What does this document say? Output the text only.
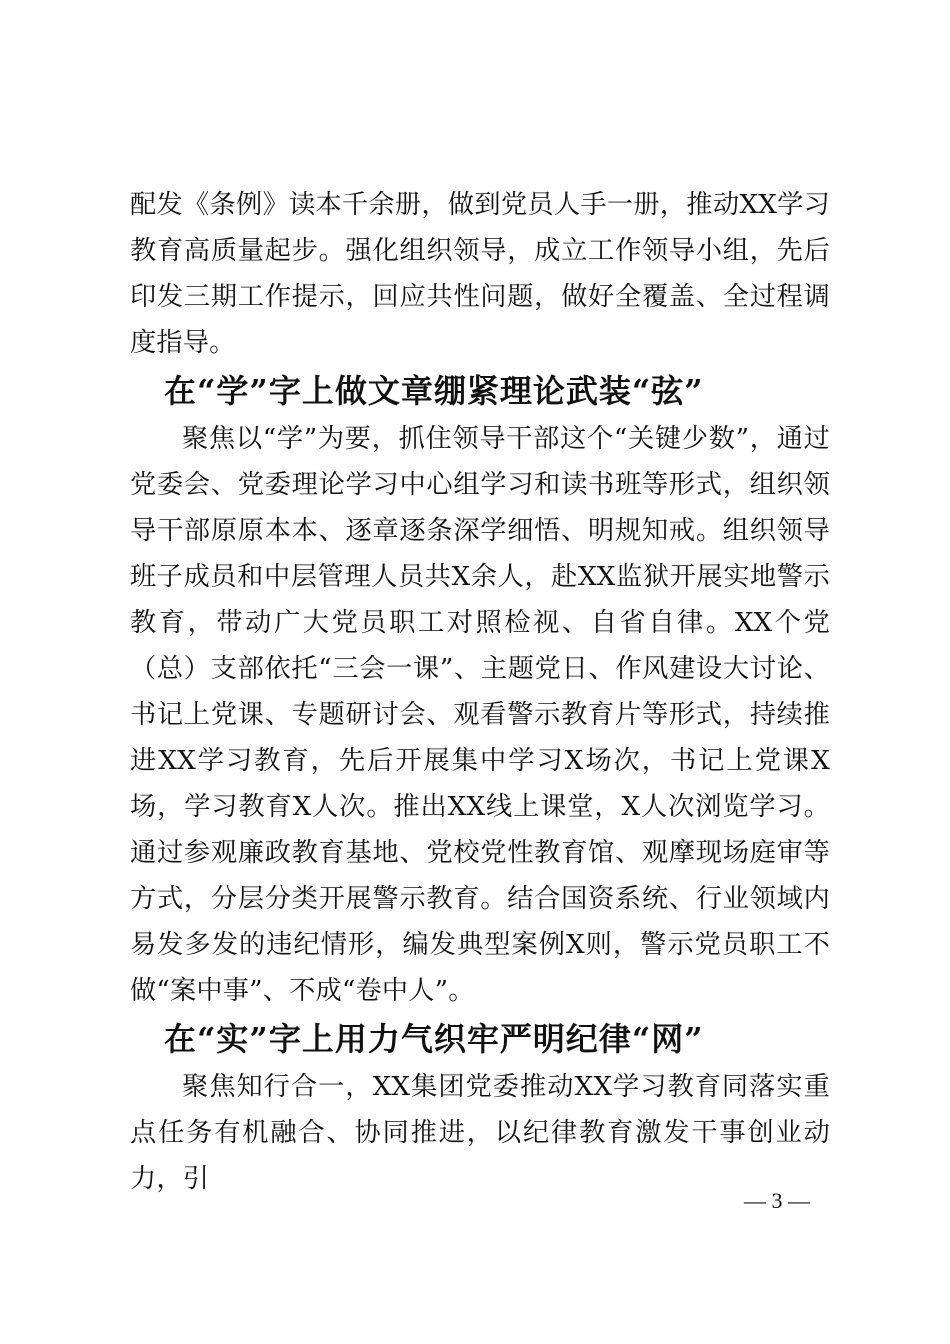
配发《条例》读本千余册，做到党员人手一册，推动XX学习教育高质量起步。强化组织领导，成立工作领导小组，先后印发三期工作提示，回应共性问题，做好全覆盖、全过程调度指导。

在“学”字上做文章绷紧理论武装“弦”

聚焦以“学”为要，抓住领导干部这个“关键少数”，通过党委会、党委理论学习中心组学习和读书班等形式，组织领导干部原原本本、逐章逐条深学细悟、明规知戒。组织领导班子成员和中层管理人员共X余人，赴XX监狱开展实地警示教育，带动广大党员职工对照检视、自省自律。XX个党（总）支部依托“三会一课”、主题党日、作风建设大讨论、书记上党课、专题研讨会、观看警示教育片等形式，持续推进XX学习教育，先后开展集中学习X场次，书记上党课X场，学习教育X人次。推出XX线上课堂，X人次浏览学习。通过参观廉政教育基地、党校党性教育馆、观摩现场庭审等方式，分层分类开展警示教育。结合国资系统、行业领域内易发多发的违纪情形，编发典型案例X则，警示党员职工不做“案中事”、不成“卷中人”。

在“实”字上用力气织牢严明纪律“网”

聚焦知行合一，XX集团党委推动XX学习教育同落实重点任务有机融合、协同推进，以纪律教育激发干事创业动力，引

— 3 —
